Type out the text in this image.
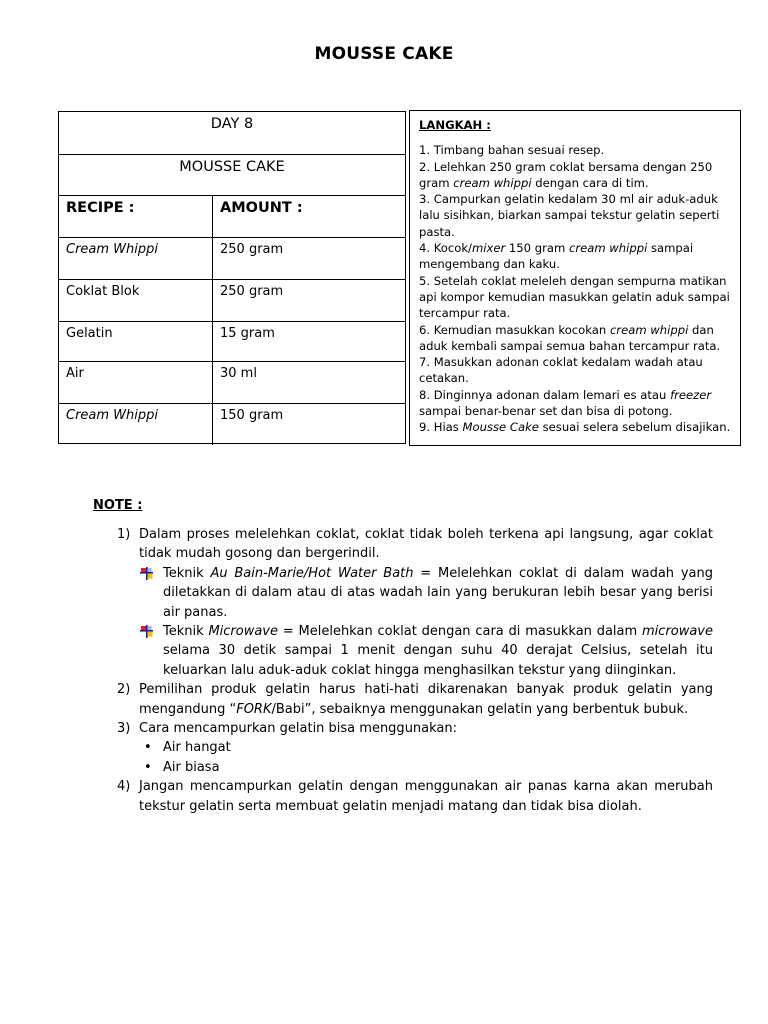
MOUSSE CAKE
DAY 8
MOUSSE CAKE
RECIPE :	AMOUNT :
Cream Whippi	250 gram
Coklat Blok	250 gram
Gelatin	15 gram
Air	30 ml
Cream Whippi	150 gram
LANGKAH :

1. Timbang bahan sesuai resep.

2. Lelehkan 250 gram coklat bersama dengan 250 gram cream whippi dengan cara di tim.

3. Campurkan gelatin kedalam 30 ml air aduk-aduk lalu sisihkan, biarkan sampai tekstur gelatin seperti pasta.

4. Kocok/mixer 150 gram cream whippi sampai mengembang dan kaku.

5. Setelah coklat meleleh dengan sempurna matikan api kompor kemudian masukkan gelatin aduk sampai tercampur rata.

6. Kemudian masukkan kocokan cream whippi dan aduk kembali sampai semua bahan tercampur rata.

7. Masukkan adonan coklat kedalam wadah atau cetakan.

8. Dinginnya adonan dalam lemari es atau freezer sampai benar-benar set dan bisa di potong.

9. Hias Mousse Cake sesuai selera sebelum disajikan.

NOTE :
1) Dalam proses melelehkan coklat, coklat tidak boleh terkena api langsung, agar coklat tidak mudah gosong dan bergerindil.
Teknik Au Bain-Marie/Hot Water Bath = Melelehkan coklat di dalam wadah yang diletakkan di dalam atau di atas wadah lain yang berukuran lebih besar yang berisi air panas.
Teknik Microwave = Melelehkan coklat dengan cara di masukkan dalam microwave selama 30 detik sampai 1 menit dengan suhu 40 derajat Celsius, setelah itu keluarkan lalu aduk-aduk coklat hingga menghasilkan tekstur yang diinginkan.
2) Pemilihan produk gelatin harus hati-hati dikarenakan banyak produk gelatin yang mengandung “FORK/Babi”, sebaiknya menggunakan gelatin yang berbentuk bubuk.
3) Cara mencampurkan gelatin bisa menggunakan:
• Air hangat
• Air biasa
4) Jangan mencampurkan gelatin dengan menggunakan air panas karna akan merubah tekstur gelatin serta membuat gelatin menjadi matang dan tidak bisa diolah.
